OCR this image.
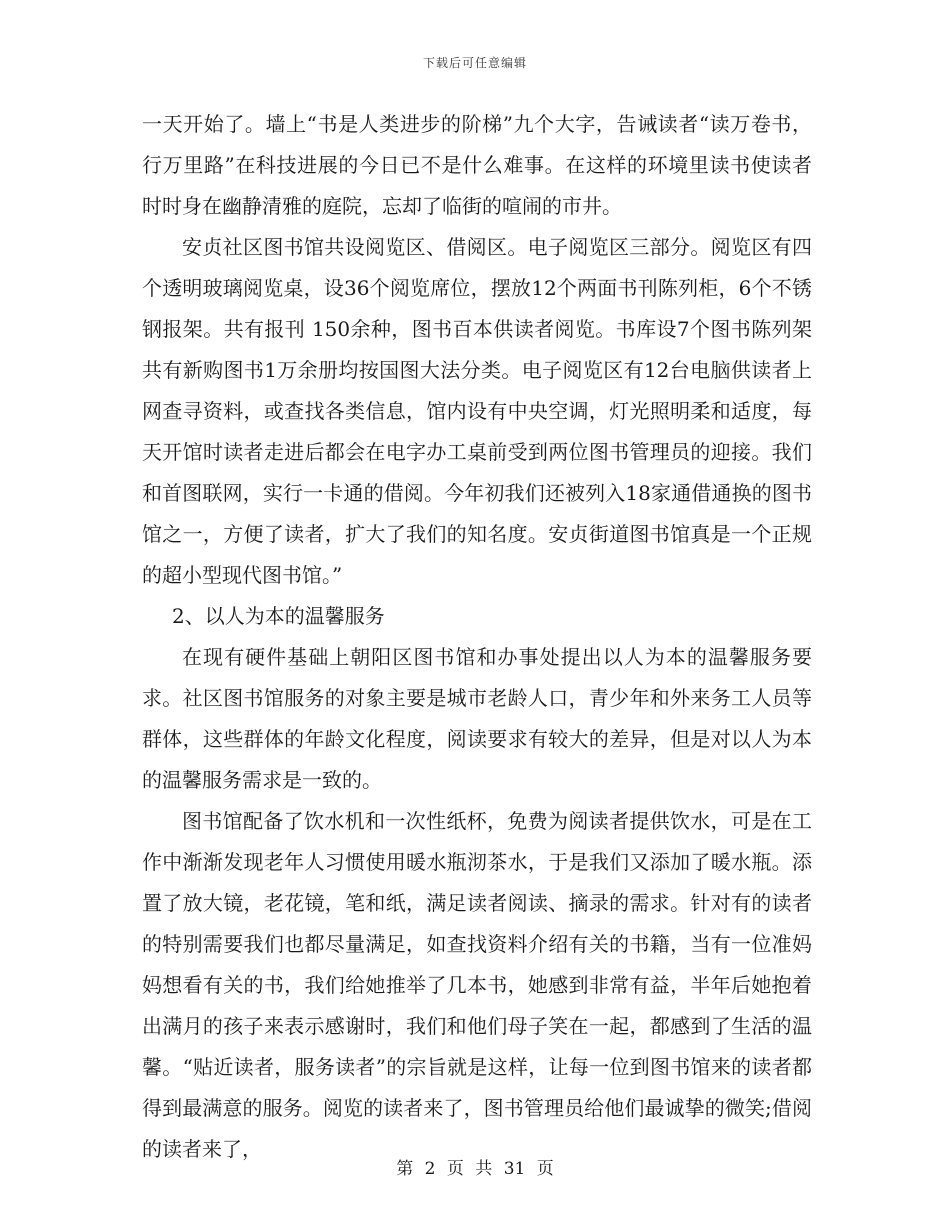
下载后可任意编辑

一天开始了。墙上“书是人类进步的阶梯”九个大字，告诫读者“读万卷书，行万里路”在科技进展的今日已不是什么难事。在这样的环境里读书使读者时时身在幽静清雅的庭院，忘却了临街的喧闹的市井。

安贞社区图书馆共设阅览区、借阅区。电子阅览区三部分。阅览区有四个透明玻璃阅览桌，设36个阅览席位，摆放12个两面书刊陈列柜，6个不锈钢报架。共有报刊 150余种，图书百本供读者阅览。书库设7个图书陈列架共有新购图书1万余册均按国图大法分类。电子阅览区有12台电脑供读者上网查寻资料，或查找各类信息，馆内设有中央空调，灯光照明柔和适度，每天开馆时读者走进后都会在电字办工桌前受到两位图书管理员的迎接。我们和首图联网，实行一卡通的借阅。今年初我们还被列入18家通借通换的图书馆之一，方便了读者，扩大了我们的知名度。安贞街道图书馆真是一个正规的超小型现代图书馆。”

2、以人为本的温馨服务

在现有硬件基础上朝阳区图书馆和办事处提出以人为本的温馨服务要求。社区图书馆服务的对象主要是城市老龄人口，青少年和外来务工人员等群体，这些群体的年龄文化程度，阅读要求有较大的差异，但是对以人为本的温馨服务需求是一致的。

图书馆配备了饮水机和一次性纸杯，免费为阅读者提供饮水，可是在工作中渐渐发现老年人习惯使用暖水瓶沏茶水，于是我们又添加了暖水瓶。添置了放大镜，老花镜，笔和纸，满足读者阅读、摘录的需求。针对有的读者的特别需要我们也都尽量满足，如查找资料介绍有关的书籍，当有一位准妈妈想看有关的书，我们给她推举了几本书，她感到非常有益，半年后她抱着出满月的孩子来表示感谢时，我们和他们母子笑在一起，都感到了生活的温馨。“贴近读者，服务读者”的宗旨就是这样，让每一位到图书馆来的读者都得到最满意的服务。阅览的读者来了，图书管理员给他们最诚挚的微笑;借阅的读者来了，

第 2 页 共 31 页
